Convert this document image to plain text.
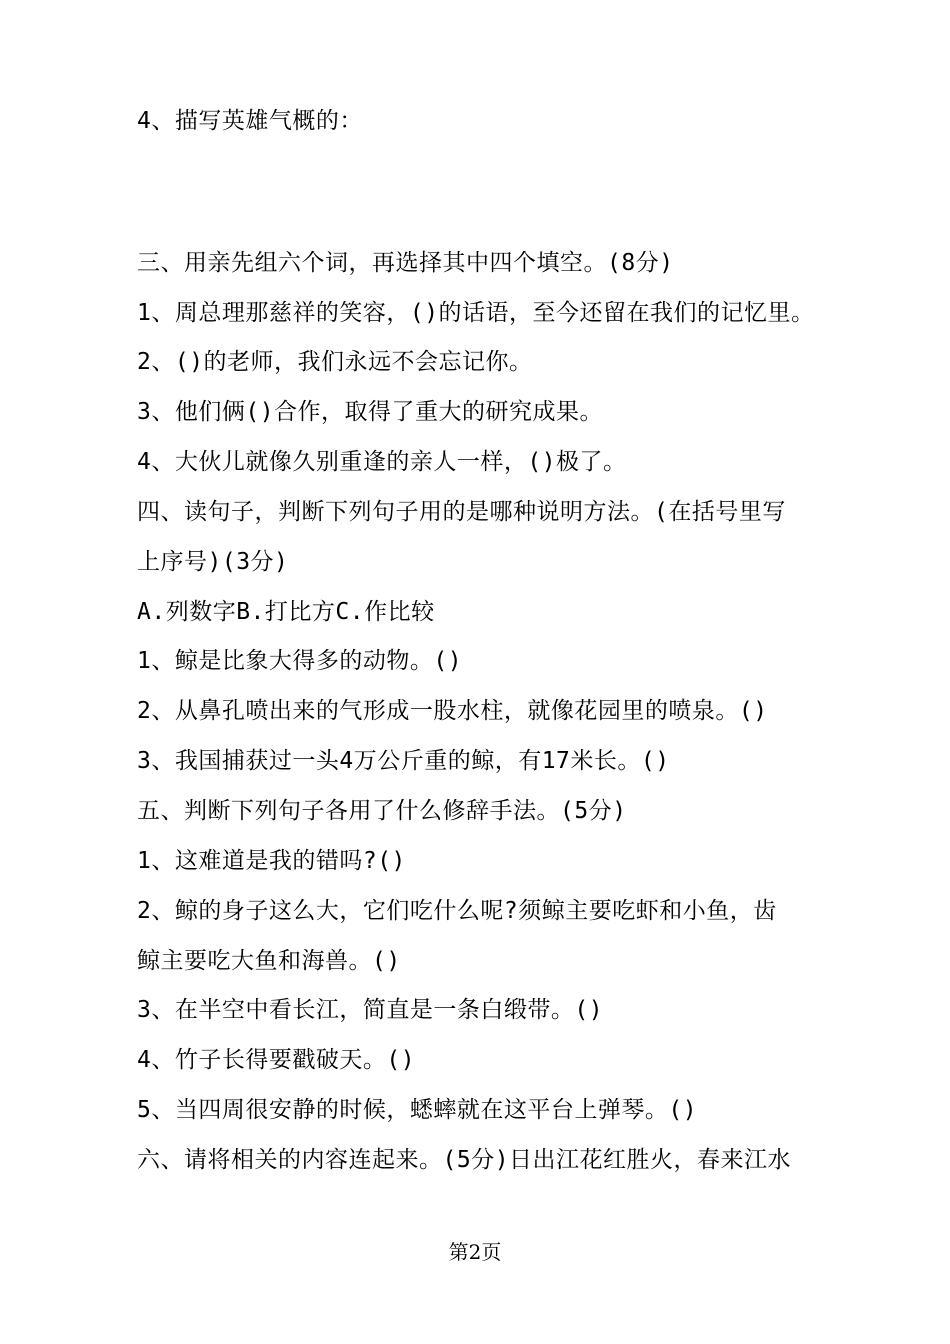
4、描写英雄气概的：
三、用亲先组六个词，再选择其中四个填空。(8分)
1、周总理那慈祥的笑容，()的话语，至今还留在我们的记忆里。
2、()的老师，我们永远不会忘记你。
3、他们俩()合作，取得了重大的研究成果。
4、大伙儿就像久别重逢的亲人一样，()极了。
四、读句子，判断下列句子用的是哪种说明方法。(在括号里写
上序号)(3分)
A.列数字B.打比方C.作比较
1、鲸是比象大得多的动物。()
2、从鼻孔喷出来的气形成一股水柱，就像花园里的喷泉。()
3、我国捕获过一头4万公斤重的鲸，有17米长。()
五、判断下列句子各用了什么修辞手法。(5分)
1、这难道是我的错吗?()
2、鲸的身子这么大，它们吃什么呢?须鲸主要吃虾和小鱼，齿
鲸主要吃大鱼和海兽。()
3、在半空中看长江，简直是一条白缎带。()
4、竹子长得要戳破天。()
5、当四周很安静的时候，蟋蟀就在这平台上弹琴。()
六、请将相关的内容连起来。(5分)日出江花红胜火，春来江水
第2页
